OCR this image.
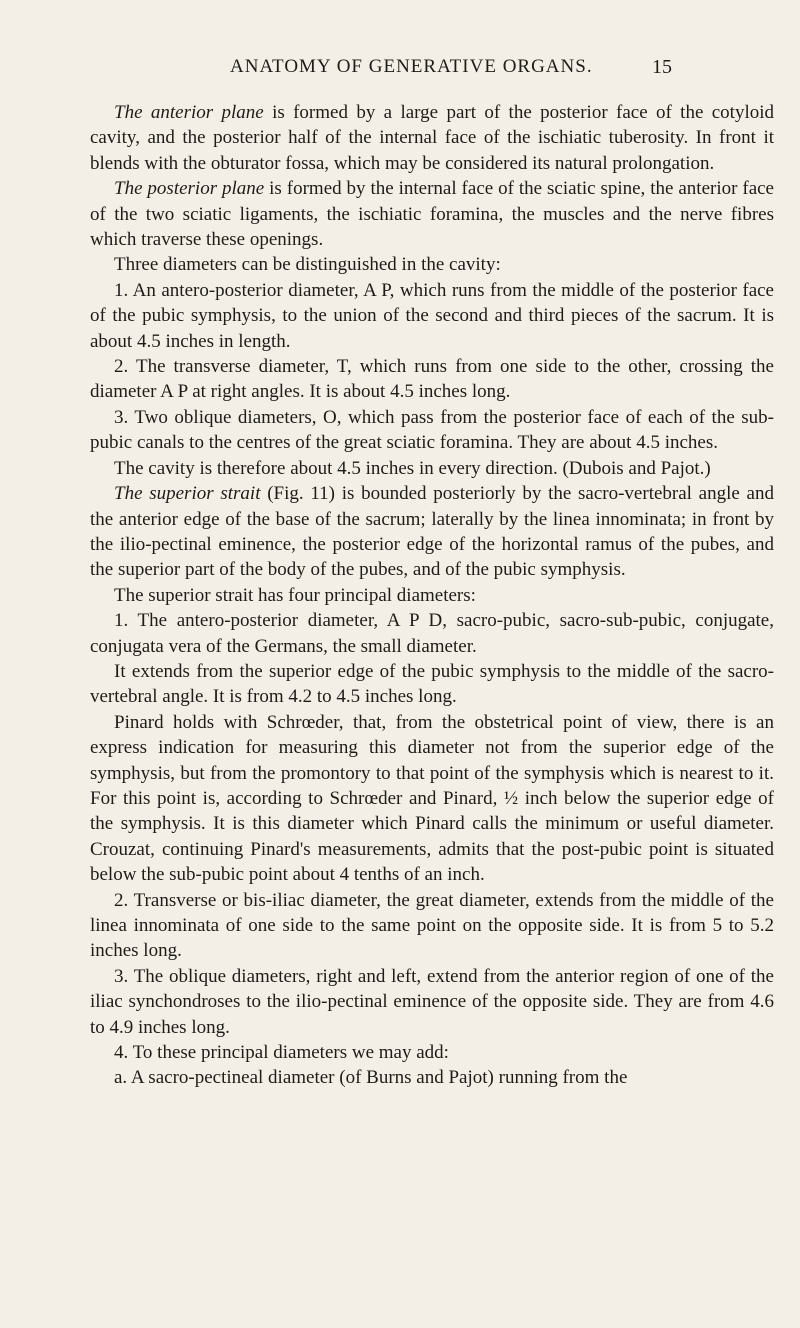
ANATOMY OF GENERATIVE ORGANS.	15

The anterior plane is formed by a large part of the posterior face of the cotyloid cavity, and the posterior half of the internal face of the ischiatic tuberosity. In front it blends with the obturator fossa, which may be considered its natural prolongation.

The posterior plane is formed by the internal face of the sciatic spine, the anterior face of the two sciatic ligaments, the ischiatic foramina, the muscles and the nerve fibres which traverse these openings.

Three diameters can be distinguished in the cavity:

1. An antero-posterior diameter, A P, which runs from the middle of the posterior face of the pubic symphysis, to the union of the second and third pieces of the sacrum. It is about 4.5 inches in length.

2. The transverse diameter, T, which runs from one side to the other, crossing the diameter A P at right angles. It is about 4.5 inches long.

3. Two oblique diameters, O, which pass from the posterior face of each of the sub-pubic canals to the centres of the great sciatic foramina. They are about 4.5 inches.

The cavity is therefore about 4.5 inches in every direction. (Dubois and Pajot.)

The superior strait (Fig. 11) is bounded posteriorly by the sacro-vertebral angle and the anterior edge of the base of the sacrum; laterally by the linea innominata; in front by the ilio-pectinal eminence, the posterior edge of the horizontal ramus of the pubes, and the superior part of the body of the pubes, and of the pubic symphysis.

The superior strait has four principal diameters:

1. The antero-posterior diameter, A P D, sacro-pubic, sacro-sub-pubic, conjugate, conjugata vera of the Germans, the small diameter.

It extends from the superior edge of the pubic symphysis to the middle of the sacro-vertebral angle. It is from 4.2 to 4.5 inches long.

Pinard holds with Schrœder, that, from the obstetrical point of view, there is an express indication for measuring this diameter not from the superior edge of the symphysis, but from the promontory to that point of the symphysis which is nearest to it. For this point is, according to Schrœder and Pinard, ½ inch below the superior edge of the symphysis. It is this diameter which Pinard calls the minimum or useful diameter. Crouzat, continuing Pinard's measurements, admits that the post-pubic point is situated below the sub-pubic point about 4 tenths of an inch.

2. Transverse or bis-iliac diameter, the great diameter, extends from the middle of the linea innominata of one side to the same point on the opposite side. It is from 5 to 5.2 inches long.

3. The oblique diameters, right and left, extend from the anterior region of one of the iliac synchondroses to the ilio-pectinal eminence of the opposite side. They are from 4.6 to 4.9 inches long.

4. To these principal diameters we may add:

a. A sacro-pectineal diameter (of Burns and Pajot) running from the
